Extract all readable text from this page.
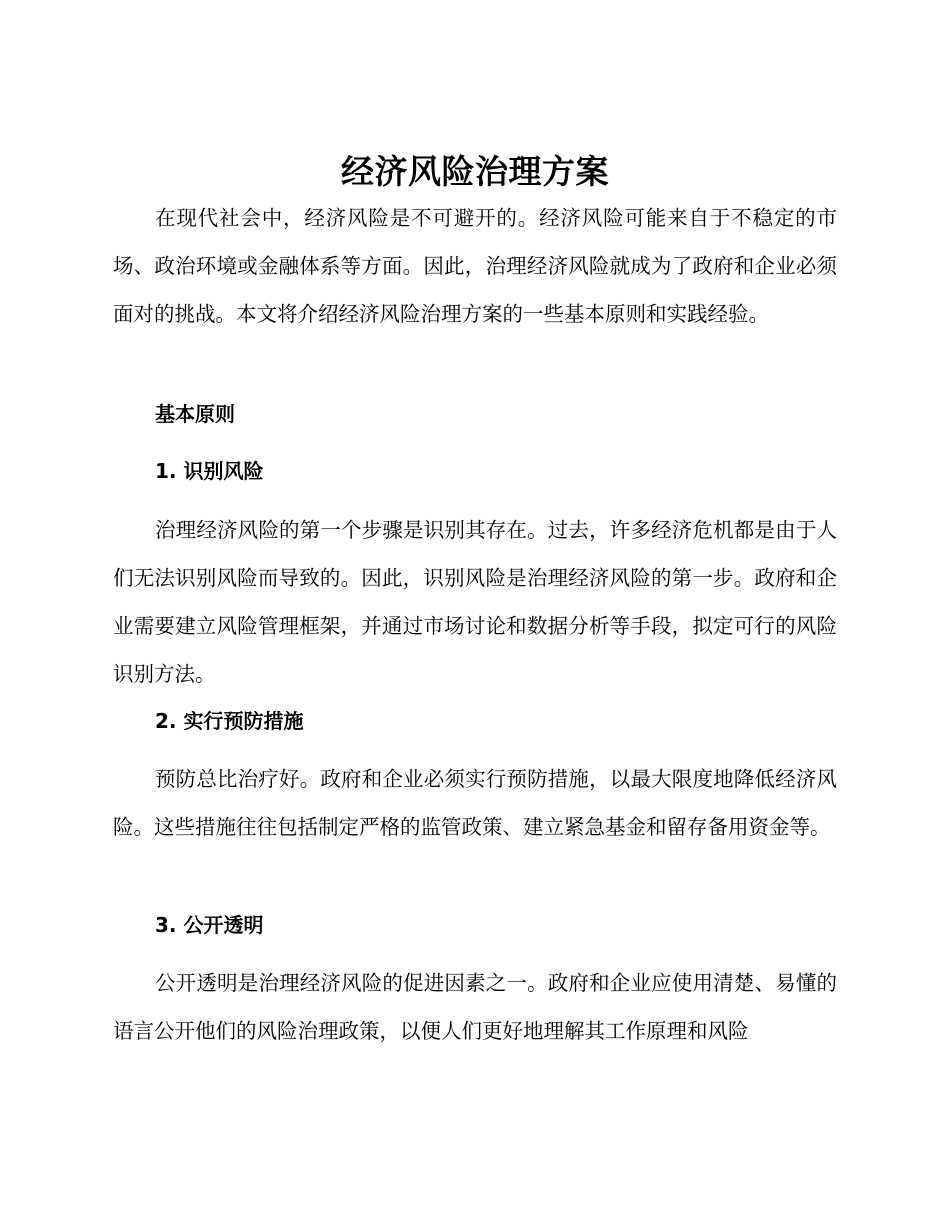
经济风险治理方案
在现代社会中，经济风险是不可避开的。经济风险可能来自于不稳定的市场、政治环境或金融体系等方面。因此，治理经济风险就成为了政府和企业必须面对的挑战。本文将介绍经济风险治理方案的一些基本原则和实践经验。
基本原则
1. 识别风险
治理经济风险的第一个步骤是识别其存在。过去，许多经济危机都是由于人们无法识别风险而导致的。因此，识别风险是治理经济风险的第一步。政府和企业需要建立风险管理框架，并通过市场讨论和数据分析等手段，拟定可行的风险识别方法。
2. 实行预防措施
预防总比治疗好。政府和企业必须实行预防措施，以最大限度地降低经济风险。这些措施往往包括制定严格的监管政策、建立紧急基金和留存备用资金等。
3. 公开透明
公开透明是治理经济风险的促进因素之一。政府和企业应使用清楚、易懂的语言公开他们的风险治理政策，以便人们更好地理解其工作原理和风险
